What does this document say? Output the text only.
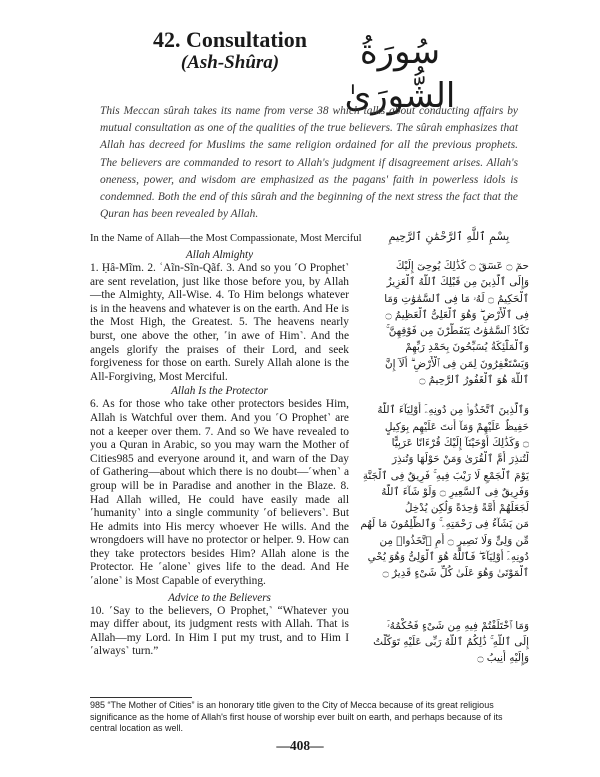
42. Consultation
(Ash-Shûra)	سُورَةُ الشُّورَىٰ
This Meccan sûrah takes its name from verse 38 which talks about conducting affairs by mutual consultation as one of the qualities of the true believers. The sûrah emphasizes that Allah has decreed for Muslims the same religion ordained for all the previous prophets. The believers are commanded to resort to Allah's judgment if disagreement arises. Allah's oneness, power, and wisdom are emphasized as the pagans' faith in powerless idols is condemned. Both the end of this sûrah and the beginning of the next stress the fact that the Quran has been revealed by Allah.
In the Name of Allah—the Most Compassionate, Most Merciful	بِسْمِ ٱللَّهِ ٱلرَّحْمَٰنِ ٱلرَّحِيمِ
Allah Almighty

1. Ḥâ-Mĩm. 2. ʿAĩn-Sĩn-Qãf. 3. And so you ˹O Prophet˺ are sent revelation, just like those before you, by Allah—the Almighty, All-Wise. 4. To Him belongs whatever is in the heavens and whatever is on the earth. And He is the Most High, the Greatest. 5. The heavens nearly burst, one above the other, ˹in awe of Him˺. And the angels glorify the praises of their Lord, and seek forgiveness for those on earth. Surely Allah alone is the All-Forgiving, Most Merciful.

Allah Is the Protector

6. As for those who take other protectors besides Him, Allah is Watchful over them. And you ˹O Prophet˺ are not a keeper over them. 7. And so We have revealed to you a Quran in Arabic, so you may warn the Mother of Cities985 and everyone around it, and warn of the Day of Gathering—about which there is no doubt—˹when˺ a group will be in Paradise and another in the Blaze. 8. Had Allah willed, He could have easily made all ˹humanity˺ into a single community ˹of believers˺. But He admits into His mercy whoever He wills. And the wrongdoers will have no protector or helper. 9. How can they take protectors besides Him? Allah alone is the Protector. He ˹alone˺ gives life to the dead. And He ˹alone˺ is Most Capable of everything.

Advice to the Believers

10. ˹Say to the believers, O Prophet,˺ “Whatever you may differ about, its judgment rests with Allah. That is Allah—my Lord. In Him I put my trust, and to Him I ˹always˺ turn.”

حمٓ ۝ عٓسٓقٓ ۝ كَذَٰلِكَ يُوحِىٓ إِلَيْكَ
وَإِلَى ٱلَّذِينَ مِن قَبْلِكَ ٱللَّهُ ٱلْعَزِيزُ
ٱلْحَكِيمُ ۝ لَهُۥ مَا فِى ٱلسَّمَٰوَٰتِ وَمَا
فِى ٱلْأَرْضِ ۖ وَهُوَ ٱلْعَلِىُّ ٱلْعَظِيمُ ۝
تَكَادُ ٱلسَّمَٰوَٰتُ يَتَفَطَّرْنَ مِن فَوْقِهِنَّ ۚ
وَٱلْمَلَٰٓئِكَةُ يُسَبِّحُونَ بِحَمْدِ رَبِّهِمْ
وَيَسْتَغْفِرُونَ لِمَن فِى ٱلْأَرْضِ ۗ أَلَآ إِنَّ
ٱللَّهَ هُوَ ٱلْغَفُورُ ٱلرَّحِيمُ ۝
وَٱلَّذِينَ ٱتَّخَذُوا۟ مِن دُونِهِۦٓ أَوْلِيَآءَ ٱللَّهُ
حَفِيظٌ عَلَيْهِمْ وَمَآ أَنتَ عَلَيْهِم بِوَكِيلٍ
۝ وَكَذَٰلِكَ أَوْحَيْنَآ إِلَيْكَ قُرْءَانًا عَرَبِيًّا
لِّتُنذِرَ أُمَّ ٱلْقُرَىٰ وَمَنْ حَوْلَهَا وَتُنذِرَ
يَوْمَ ٱلْجَمْعِ لَا رَيْبَ فِيهِ ۚ فَرِيقٌ فِى ٱلْجَنَّةِ
وَفَرِيقٌ فِى ٱلسَّعِيرِ ۝ وَلَوْ شَآءَ ٱللَّهُ
لَجَعَلَهُمْ أُمَّةً وَٰحِدَةً وَلَٰكِن يُدْخِلُ
مَن يَشَآءُ فِى رَحْمَتِهِۦ ۚ وَٱلظَّٰلِمُونَ مَا لَهُم
مِّن وَلِىٍّ وَلَا نَصِيرٍ ۝ أَمِ ٱتَّخَذُوا۟ مِن
دُونِهِۦٓ أَوْلِيَآءَ ۖ فَٱللَّهُ هُوَ ٱلْوَلِىُّ وَهُوَ يُحْىِ
ٱلْمَوْتَىٰ وَهُوَ عَلَىٰ كُلِّ شَىْءٍ قَدِيرٌ ۝
وَمَا ٱخْتَلَفْتُمْ فِيهِ مِن شَىْءٍ فَحُكْمُهُۥٓ
إِلَى ٱللَّهِ ۚ ذَٰلِكُمُ ٱللَّهُ رَبِّى عَلَيْهِ تَوَكَّلْتُ
وَإِلَيْهِ أُنِيبُ ۝
985 “The Mother of Cities” is an honorary title given to the City of Mecca because of its great religious significance as the home of Allah's first house of worship ever built on earth, and perhaps because of its central location as well.
—408—
